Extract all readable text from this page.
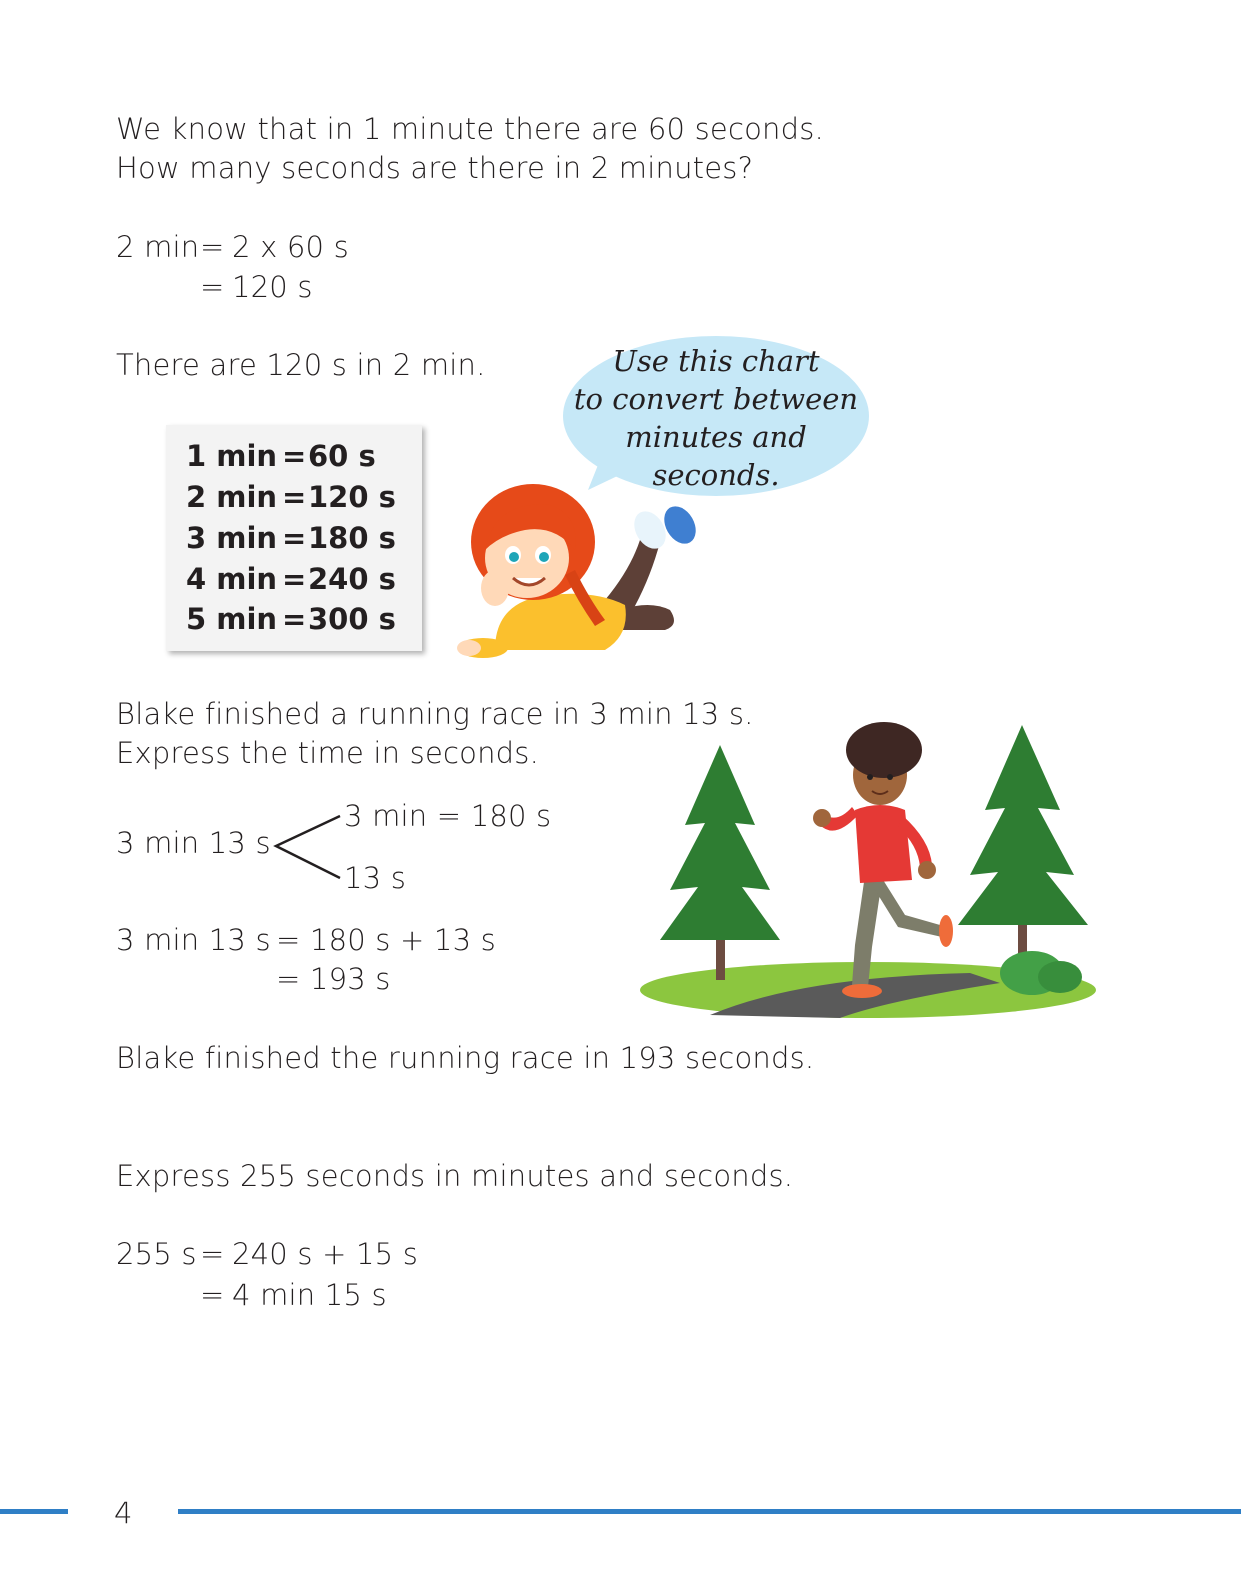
We know that in 1 minute there are 60 seconds.
How many seconds are there in 2 minutes?
2 min = 2 x 60 s
= 120 s
There are 120 s in 2 min.
1 min =60 s
2 min =120 s
3 min =180 s
4 min =240 s
5 min =300 s
Use this chart
to convert between
minutes and
seconds.
Blake finished a running race in 3 min 13 s.
Express the time in seconds.
3 min 13 s
3 min = 180 s
13 s
3 min 13 s = 180 s + 13 s
= 193 s
Blake finished the running race in 193 seconds.
Express 255 seconds in minutes and seconds.
255 s = 240 s + 15 s
= 4 min 15 s
4
